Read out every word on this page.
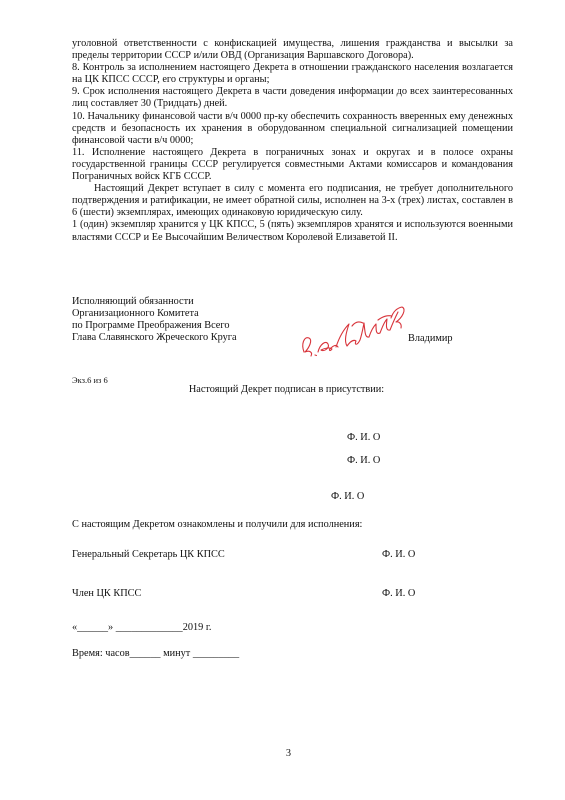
уголовной ответственности с конфискацией имущества, лишения гражданства и высылки за пределы территории СССР и/или ОВД (Организация Варшавского Договора).

8. Контроль за исполнением настоящего Декрета в отношении гражданского населения возлагается на ЦК КПСС СССР, его структуры и органы;

9. Срок исполнения настоящего Декрета в части доведения информации до всех заинтересованных лиц составляет 30 (Тридцать) дней.

10. Начальнику финансовой части в/ч 0000 пр-ку обеспечить сохранность вверенных ему денежных средств и безопасность их хранения в оборудованном специальной сигнализацией помещении финансовой части в/ч 0000;

11. Исполнение настоящего Декрета в пограничных зонах и округах и в полосе охраны государственной границы СССР регулируется совместными Актами комиссаров и командования Пограничных войск КГБ СССР.

Настоящий Декрет вступает в силу с момента его подписания, не требует дополнительного подтверждения и ратификации, не имеет обратной силы, исполнен на 3-х (трех) листах, составлен в 6 (шести) экземплярах, имеющих одинаковую юридическую силу.

1 (один) экземпляр хранится у ЦК КПСС, 5 (пять) экземпляров хранятся и используются военными властями СССР и Ее Высочайшим Величеством Королевой Елизаветой II.

Исполняющий обязанности
Организационного Комитета
по Программе Преображения Всего
Глава Славянского Жреческого Круга	Владимир
Экз.6 из 6
Настоящий Декрет подписан в присутствии:
Ф. И. О
Ф. И. О
Ф. И. О
С настоящим Декретом ознакомлены и получили для исполнения:
Генеральный Секретарь ЦК КПСС	Ф. И. О
Член ЦК КПСС	Ф. И. О
«______» _____________2019 г.
Время: часов______ минут _________
3
